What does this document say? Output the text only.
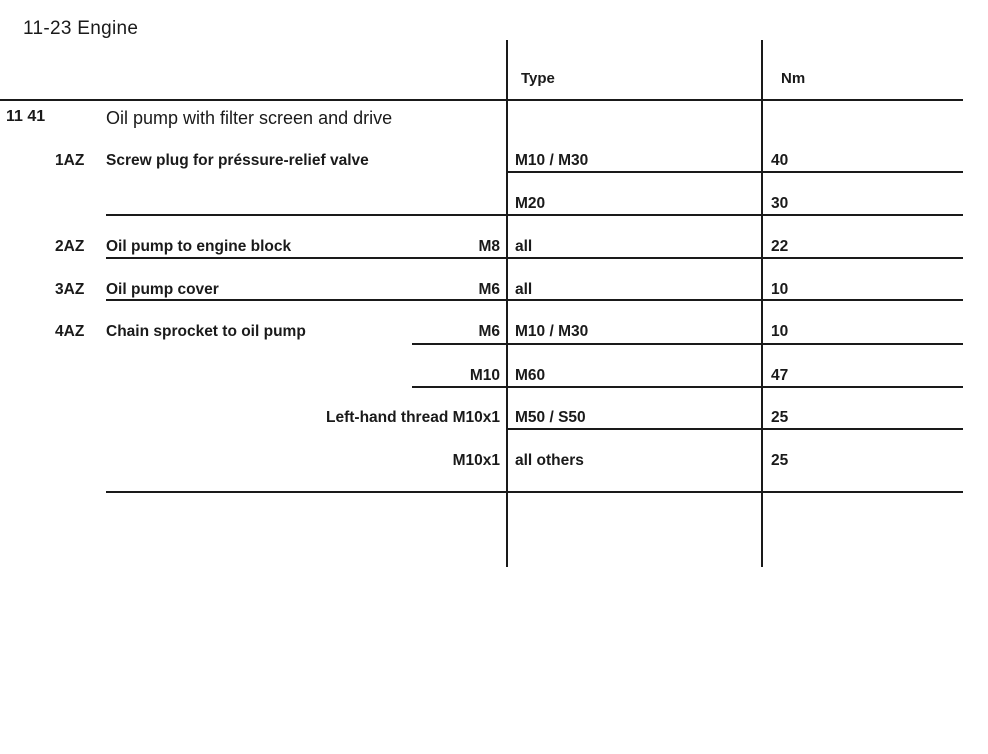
11-23 Engine
Type	Nm
11 41	Oil pump with filter screen and drive
1AZ Screw plug for préssure-relief valve
2AZ Oil pump to engine block
3AZ Oil pump cover
4AZ Chain sprocket to oil pump
M8
M6
M6
M10
Left-hand thread M10x1
M10x1
M10 / M30
M20
all
all
M10 / M30
M60
M50 / S50
all others
40
30
22
10
10
47
25
25
